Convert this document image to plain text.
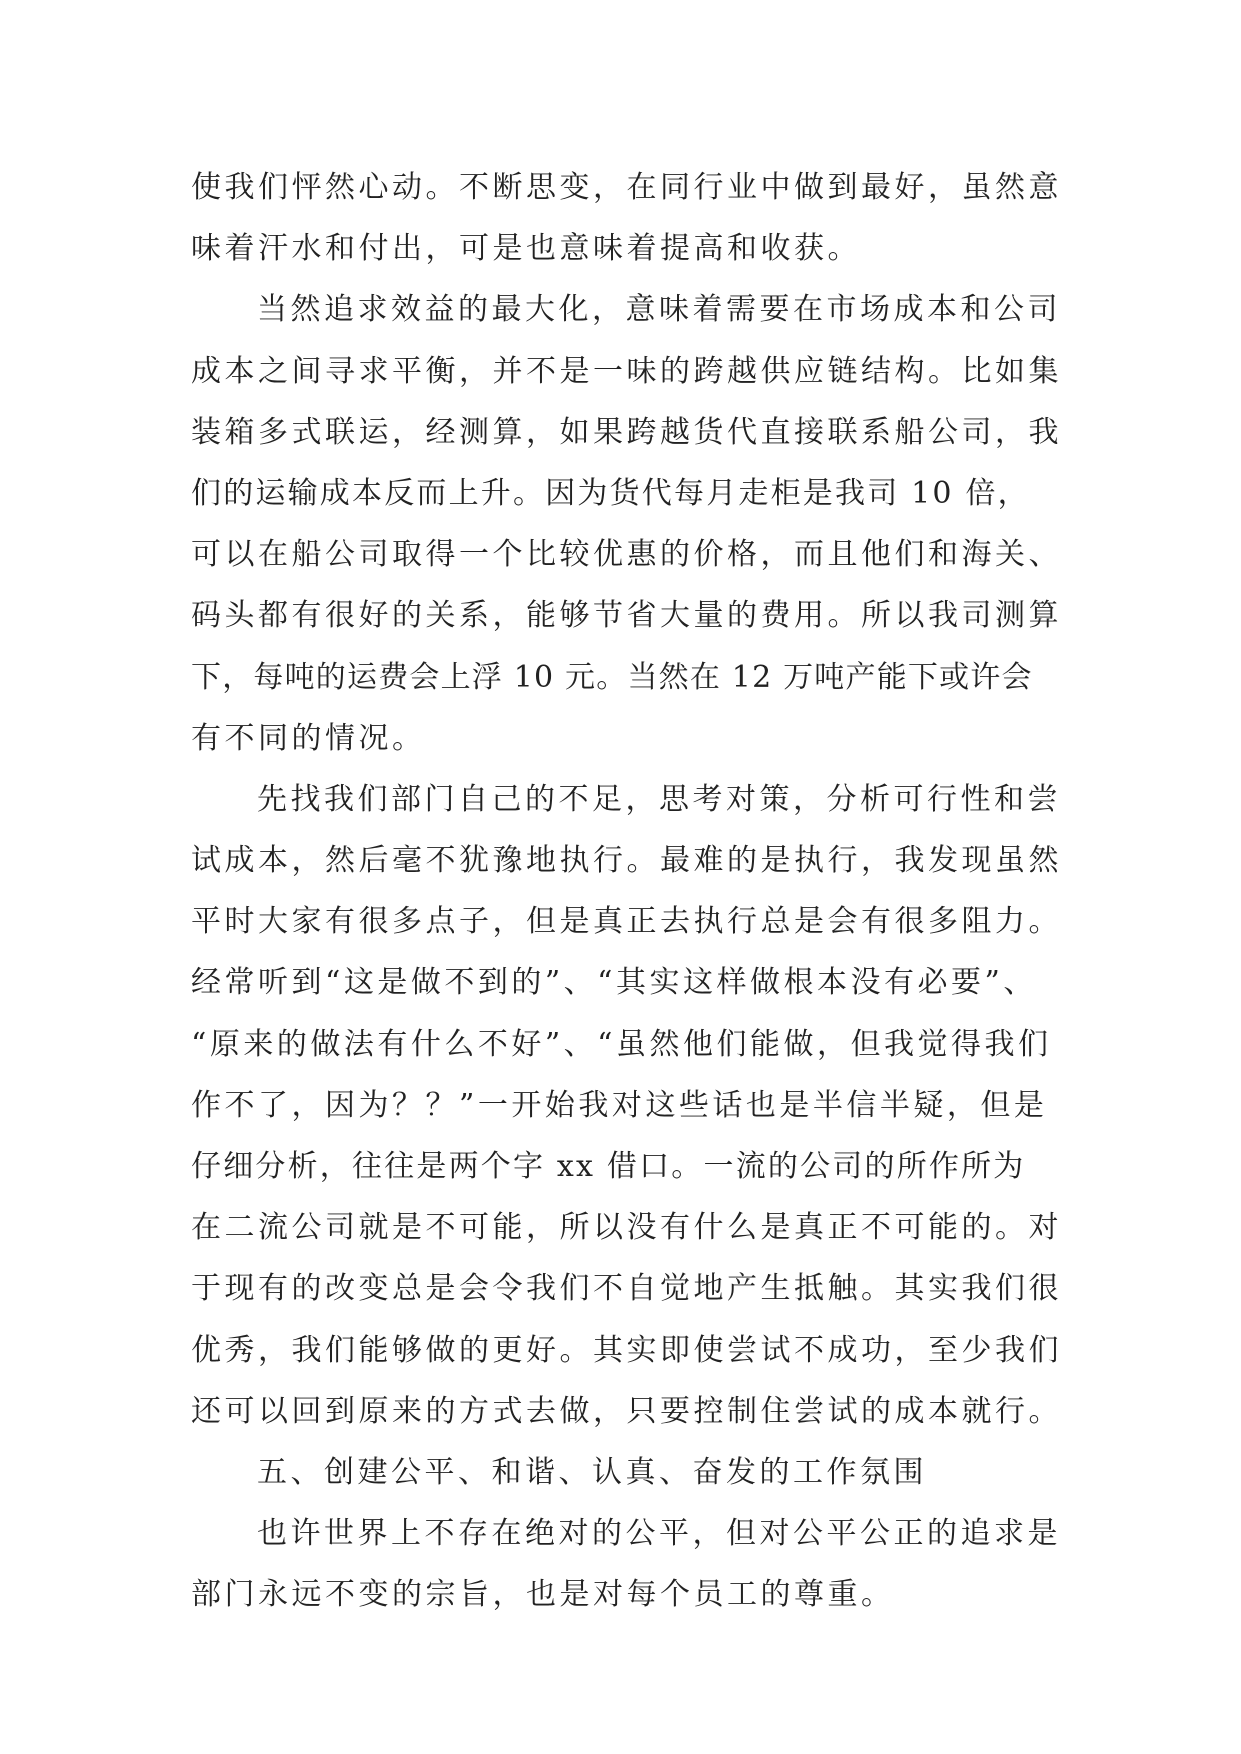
使我们怦然心动。不断思变，在同行业中做到最好，虽然意
味着汗水和付出，可是也意味着提高和收获。
当然追求效益的最大化，意味着需要在市场成本和公司
成本之间寻求平衡，并不是一味的跨越供应链结构。比如集
装箱多式联运，经测算，如果跨越货代直接联系船公司，我
们的运输成本反而上升。因为货代每月走柜是我司 10 倍，
可以在船公司取得一个比较优惠的价格，而且他们和海关、
码头都有很好的关系，能够节省大量的费用。所以我司测算
下，每吨的运费会上浮 10 元。当然在 12 万吨产能下或许会
有不同的情况。
先找我们部门自己的不足，思考对策，分析可行性和尝
试成本，然后毫不犹豫地执行。最难的是执行，我发现虽然
平时大家有很多点子，但是真正去执行总是会有很多阻力。
经常听到“这是做不到的”、“其实这样做根本没有必要”、
“原来的做法有什么不好”、“虽然他们能做，但我觉得我们
作不了，因为？？”一开始我对这些话也是半信半疑，但是
仔细分析，往往是两个字 xx 借口。一流的公司的所作所为
在二流公司就是不可能，所以没有什么是真正不可能的。对
于现有的改变总是会令我们不自觉地产生抵触。其实我们很
优秀，我们能够做的更好。其实即使尝试不成功，至少我们
还可以回到原来的方式去做，只要控制住尝试的成本就行。
五、创建公平、和谐、认真、奋发的工作氛围
也许世界上不存在绝对的公平，但对公平公正的追求是
部门永远不变的宗旨，也是对每个员工的尊重。
